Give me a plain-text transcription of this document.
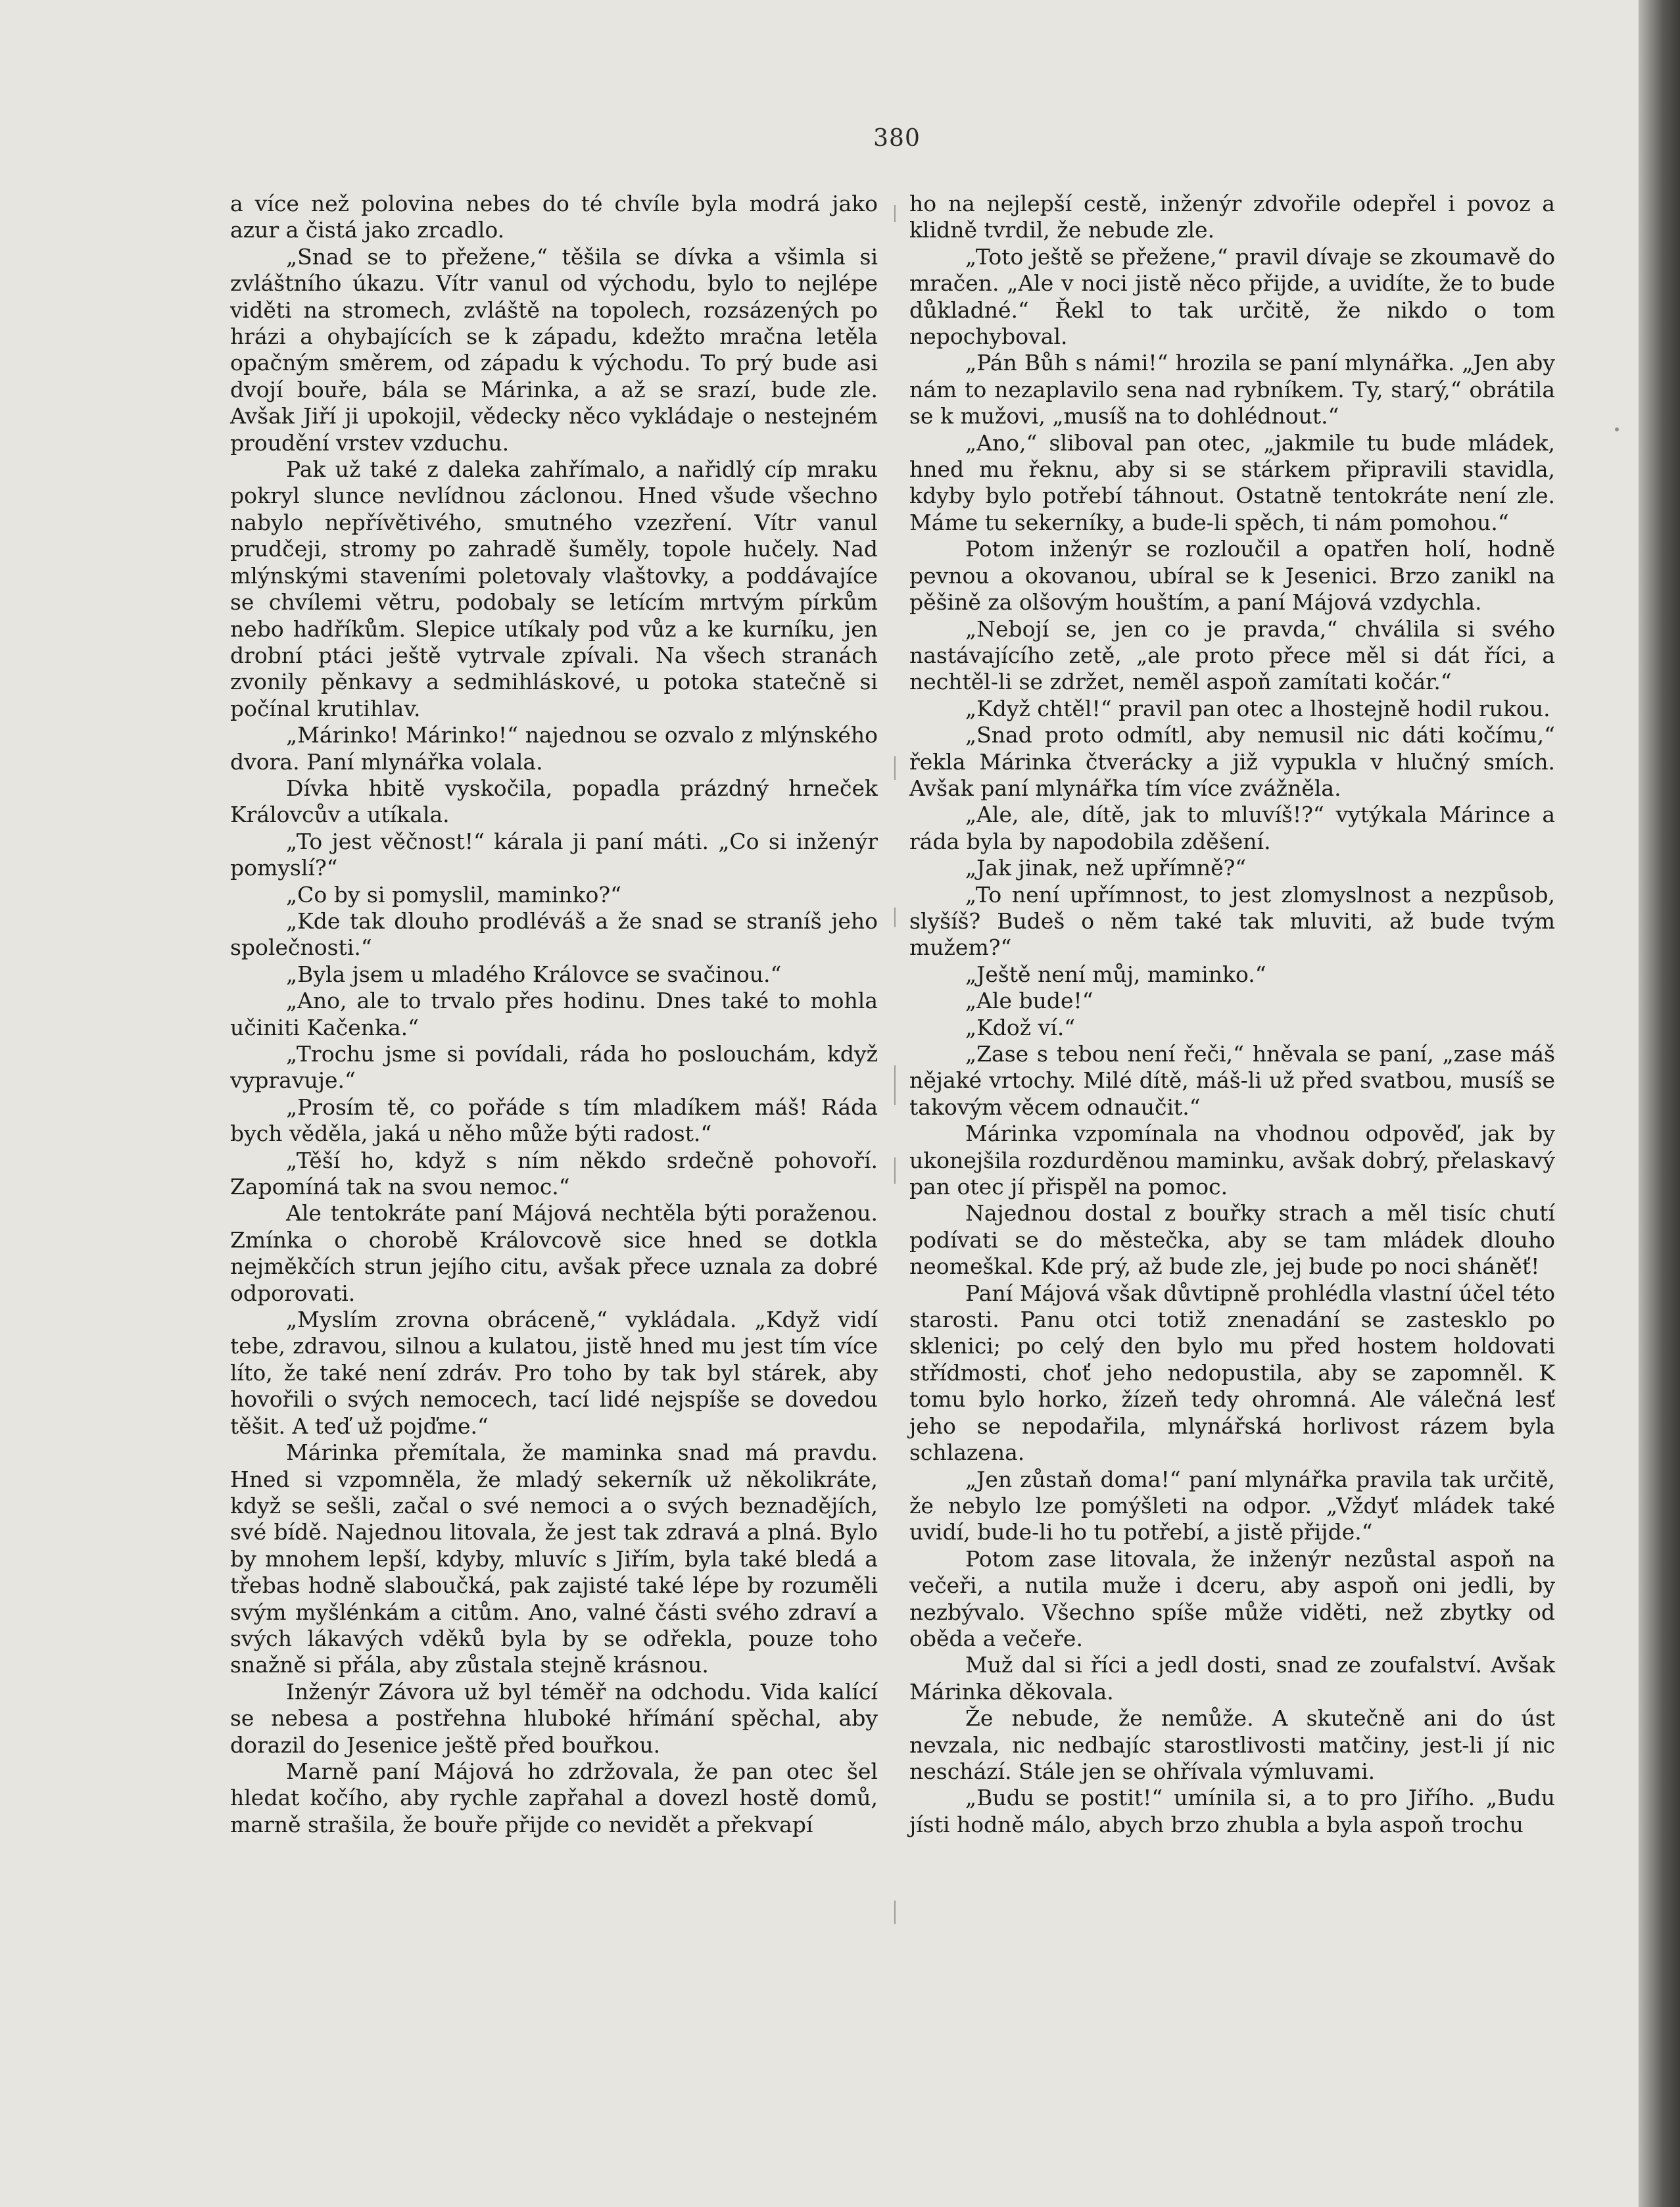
380

a více než polovina nebes do té chvíle byla modrá jako azur a čistá jako zrcadlo.

„Snad se to přežene,“ těšila se dívka a všimla si zvláštního úkazu. Vítr vanul od východu, bylo to nejlépe viděti na stromech, zvláště na topolech, rozsázených po hrázi a ohybajících se k západu, kdežto mračna letěla opačným směrem, od západu k východu. To prý bude asi dvojí bouře, bála se Márinka, a až se srazí, bude zle. Avšak Jiří ji upokojil, vědecky něco vykládaje o nestejném proudění vrstev vzduchu.

Pak už také z daleka zahřímalo, a nařidlý cíp mraku pokryl slunce nevlídnou záclonou. Hned všude všechno nabylo nepřívětivého, smutného vzezření. Vítr vanul prudčeji, stromy po zahradě šuměly, topole hučely. Nad mlýnskými staveními poletovaly vlaštovky, a poddávajíce se chvílemi větru, podobaly se letícím mrtvým pírkům nebo hadříkům. Slepice utíkaly pod vůz a ke kurníku, jen drobní ptáci ještě vytrvale zpívali. Na všech stranách zvonily pěnkavy a sedmihláskové, u potoka statečně si počínal krutihlav.

„Márinko! Márinko!“ najednou se ozvalo z mlýnského dvora. Paní mlynářka volala.

Dívka hbitě vyskočila, popadla prázdný hrneček Královcův a utíkala.

„To jest věčnost!“ kárala ji paní máti. „Co si inženýr pomyslí?“

„Co by si pomyslil, maminko?“

„Kde tak dlouho prodléváš a že snad se straníš jeho společnosti.“

„Byla jsem u mladého Královce se svačinou.“

„Ano, ale to trvalo přes hodinu. Dnes také to mohla učiniti Kačenka.“

„Trochu jsme si povídali, ráda ho poslouchám, když vypravuje.“

„Prosím tě, co pořáde s tím mladíkem máš! Ráda bych věděla, jaká u něho může býti radost.“

„Těší ho, když s ním někdo srdečně pohovoří. Zapomíná tak na svou nemoc.“

Ale tentokráte paní Májová nechtěla býti poraženou. Zmínka o chorobě Královcově sice hned se dotkla nejměkčích strun jejího citu, avšak přece uznala za dobré odporovati.

„Myslím zrovna obráceně,“ vykládala. „Když vidí tebe, zdravou, silnou a kulatou, jistě hned mu jest tím více líto, že také není zdráv. Pro toho by tak byl stárek, aby hovořili o svých nemocech, tací lidé nejspíše se dovedou těšit. A teď už pojďme.“

Márinka přemítala, že maminka snad má pravdu. Hned si vzpomněla, že mladý sekerník už několikráte, když se sešli, začal o své nemoci a o svých beznadějích, své bídě. Najednou litovala, že jest tak zdravá a plná. Bylo by mnohem lepší, kdyby, mluvíc s Jiřím, byla také bledá a třebas hodně slaboučká, pak zajisté také lépe by rozuměli svým myšlénkám a citům. Ano, valné části svého zdraví a svých lákavých vděků byla by se odřekla, pouze toho snažně si přála, aby zůstala stejně krásnou.

Inženýr Závora už byl téměř na odchodu. Vida kalící se nebesa a postřehna hluboké hřímání spěchal, aby dorazil do Jesenice ještě před bouřkou.

Marně paní Májová ho zdržovala, že pan otec šel hledat kočího, aby rychle zapřahal a dovezl hostě domů, marně strašila, že bouře přijde co nevidět a překvapí

ho na nejlepší cestě, inženýr zdvořile odepřel i povoz a klidně tvrdil, že nebude zle.

„Toto ještě se přežene,“ pravil dívaje se zkoumavě do mračen. „Ale v noci jistě něco přijde, a uvidíte, že to bude důkladné.“ Řekl to tak určitě, že nikdo o tom nepochyboval.

„Pán Bůh s námi!“ hrozila se paní mlynářka. „Jen aby nám to nezaplavilo sena nad rybníkem. Ty, starý,“ obrátila se k mužovi, „musíš na to dohlédnout.“

„Ano,“ sliboval pan otec, „jakmile tu bude mládek, hned mu řeknu, aby si se stárkem připravili stavidla, kdyby bylo potřebí táhnout. Ostatně tentokráte není zle. Máme tu sekerníky, a bude-li spěch, ti nám pomohou.“

Potom inženýr se rozloučil a opatřen holí, hodně pevnou a okovanou, ubíral se k Jesenici. Brzo zanikl na pěšině za olšovým houštím, a paní Májová vzdychla.

„Nebojí se, jen co je pravda,“ chválila si svého nastávajícího zetě, „ale proto přece měl si dát říci, a nechtěl-li se zdržet, neměl aspoň zamítati kočár.“

„Když chtěl!“ pravil pan otec a lhostejně hodil rukou.

„Snad proto odmítl, aby nemusil nic dáti kočímu,“ řekla Márinka čtverácky a již vypukla v hlučný smích. Avšak paní mlynářka tím více zvážněla.

„Ale, ale, dítě, jak to mluvíš!?“ vytýkala Márince a ráda byla by napodobila zděšení.

„Jak jinak, než upřímně?“

„To není upřímnost, to jest zlomyslnost a nezpůsob, slyšíš? Budeš o něm také tak mluviti, až bude tvým mužem?“

„Ještě není můj, maminko.“

„Ale bude!“

„Kdož ví.“

„Zase s tebou není řeči,“ hněvala se paní, „zase máš nějaké vrtochy. Milé dítě, máš-li už před svatbou, musíš se takovým věcem odnaučit.“

Márinka vzpomínala na vhodnou odpověď, jak by ukonejšila rozdurděnou maminku, avšak dobrý, přelaskavý pan otec jí přispěl na pomoc.

Najednou dostal z bouřky strach a měl tisíc chutí podívati se do městečka, aby se tam mládek dlouho neomeškal. Kde prý, až bude zle, jej bude po noci sháněť!

Paní Májová však důvtipně prohlédla vlastní účel této starosti. Panu otci totiž znenadání se zastesklo po sklenici; po celý den bylo mu před hostem holdovati střídmosti, choť jeho nedopustila, aby se zapomněl. K tomu bylo horko, žízeň tedy ohromná. Ale válečná lesť jeho se nepodařila, mlynářská horlivost rázem byla schlazena.

„Jen zůstaň doma!“ paní mlynářka pravila tak určitě, že nebylo lze pomýšleti na odpor. „Vždyť mládek také uvidí, bude-li ho tu potřebí, a jistě přijde.“

Potom zase litovala, že inženýr nezůstal aspoň na večeři, a nutila muže i dceru, aby aspoň oni jedli, by nezbývalo. Všechno spíše může viděti, než zbytky od oběda a večeře.

Muž dal si říci a jedl dosti, snad ze zoufalství. Avšak Márinka děkovala.

Že nebude, že nemůže. A skutečně ani do úst nevzala, nic nedbajíc starostlivosti matčiny, jest-li jí nic neschází. Stále jen se ohřívala výmluvami.

„Budu se postit!“ umínila si, a to pro Jiřího. „Budu jísti hodně málo, abych brzo zhubla a byla aspoň trochu
